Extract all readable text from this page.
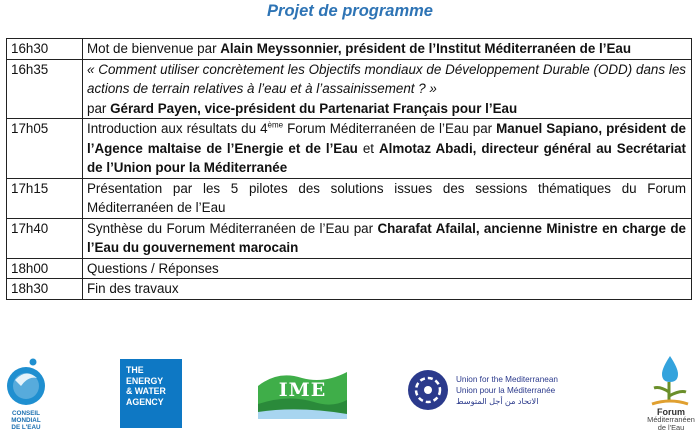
Projet de programme
16h30	Mot de bienvenue par Alain Meyssonnier, président de l’Institut Méditerranéen de l’Eau
16h35	« Comment utiliser concrètement les Objectifs mondiaux de Développement Durable (ODD) dans les actions de terrain relatives à l’eau et à l’assainissement ? »
par Gérard Payen, vice-président du Partenariat Français pour l’Eau
17h05	Introduction aux résultats du 4ème Forum Méditerranéen de l’Eau par Manuel Sapiano, président de l’Agence maltaise de l’Energie et de l’Eau et Almotaz Abadi, directeur général au Secrétariat de l’Union pour la Méditerranée
17h15	Présentation par les 5 pilotes des solutions issues des sessions thématiques du Forum Méditerranéen de l’Eau
17h40	Synthèse du Forum Méditerranéen de l’Eau par Charafat Afailal, ancienne Ministre en charge de l’Eau du gouvernement marocain
18h00	Questions / Réponses
18h30	Fin des travaux
CONSEIL
MONDIAL
DE L'EAU
THE
ENERGY
& WATER
AGENCY
IME	Union for the Mediterranean
Union pour la Méditerranée
الاتحاد من أجل المتوسط
Forum
Méditerranéen
de l'Eau
